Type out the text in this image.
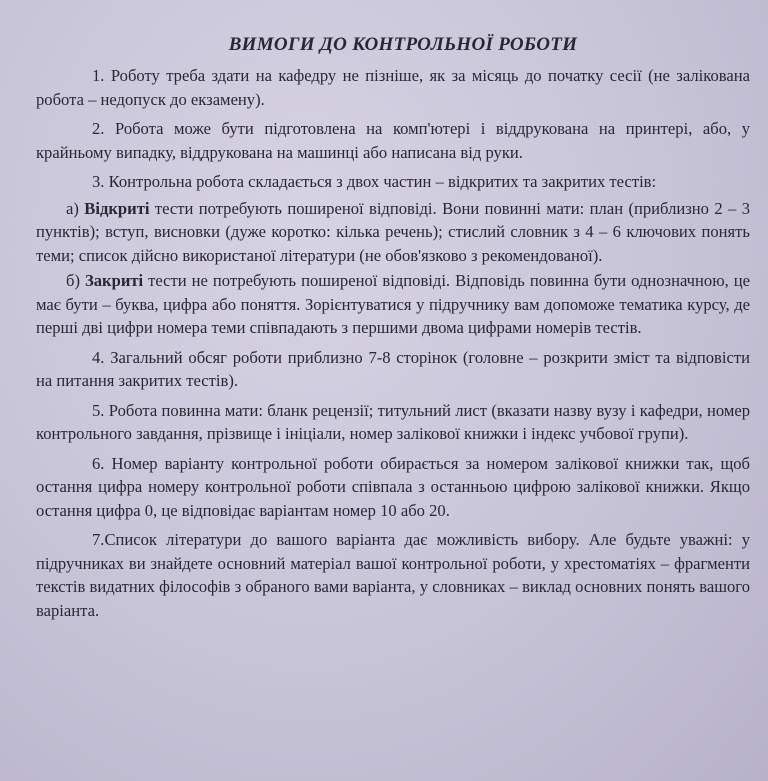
ВИМОГИ ДО КОНТРОЛЬНОЇ РОБОТИ

1. Роботу треба здати на кафедру не пізніше, як за місяць до початку сесії (не залікована робота – недопуск до екзамену).

2. Робота може бути підготовлена на комп'ютері і віддрукована на принтері, або, у крайньому випадку, віддрукована на машинці або написана від руки.

3. Контрольна робота складається з двох частин – відкритих та закритих тестів:

а) Відкриті тести потребують поширеної відповіді. Вони повинні мати: план (приблизно 2 – 3 пунктів); вступ, висновки (дуже коротко: кілька речень); стислий словник з 4 – 6 ключових понять теми; список дійсно використаної літератури (не обов'язково з рекомендованої).

б) Закриті тести не потребують поширеної відповіді. Відповідь повинна бути однозначною, це має бути – буква, цифра або поняття. Зорієнтуватися у підручнику вам допоможе тематика курсу, де перші дві цифри номера теми співпадають з першими двома цифрами номерів тестів.

4. Загальний обсяг роботи приблизно 7-8 сторінок (головне – розкрити зміст та відповісти на питання закритих тестів).

5. Робота повинна мати: бланк рецензії; титульний лист (вказати назву вузу і кафедри, номер контрольного завдання, прізвище і ініціали, номер залікової книжки і індекс учбової групи).

6. Номер варіанту контрольної роботи обирається за номером залікової книжки так, щоб остання цифра номеру контрольної роботи співпала з останньою цифрою залікової книжки. Якщо остання цифра 0, це відповідає варіантам номер 10 або 20.

7.Список літератури до вашого варіанта дає можливість вибору. Але будьте уважні: у підручниках ви знайдете основний матеріал вашої контрольної роботи, у хрестоматіях – фрагменти текстів видатних філософів з обраного вами варіанта, у словниках – виклад основних понять вашого варіанта.
